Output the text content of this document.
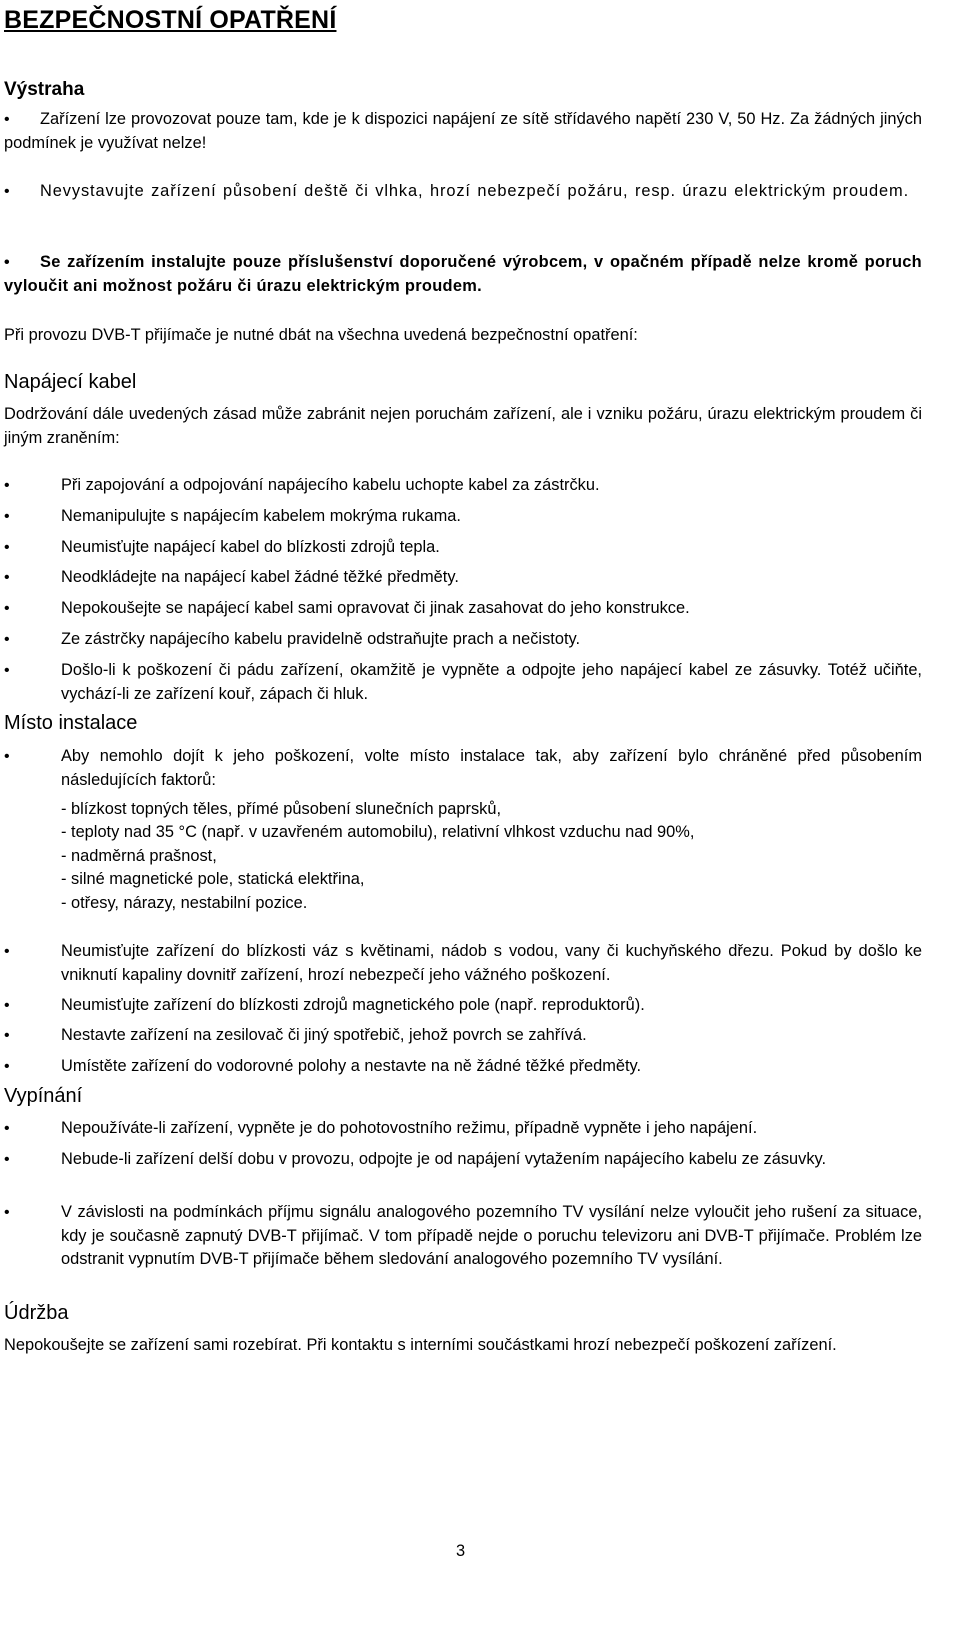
BEZPEČNOSTNÍ OPATŘENÍ
Výstraha
• Zařízení lze provozovat pouze tam, kde je k dispozici napájení ze sítě střídavého napětí 230 V, 50 Hz. Za žádných jiných podmínek je využívat nelze!
• Nevystavujte zařízení působení deště či vlhka, hrozí nebezpečí požáru, resp. úrazu elektrickým proudem.
• Se zařízením instalujte pouze příslušenství doporučené výrobcem, v opačném případě nelze kromě poruch vyloučit ani možnost požáru či úrazu elektrickým proudem.
Při provozu DVB-T přijímače je nutné dbát na všechna uvedená bezpečnostní opatření:
Napájecí kabel
Dodržování dále uvedených zásad může zabránit nejen poruchám zařízení, ale i vzniku požáru, úrazu elektrickým proudem či jiným zraněním:
•	Při zapojování a odpojování napájecího kabelu uchopte kabel za zástrčku.
•	Nemanipulujte s napájecím kabelem mokrýma rukama.
•	Neumisťujte napájecí kabel do blízkosti zdrojů tepla.
•	Neodkládejte na napájecí kabel žádné těžké předměty.
•	Nepokoušejte se napájecí kabel sami opravovat či jinak zasahovat do jeho konstrukce.
•	Ze zástrčky napájecího kabelu pravidelně odstraňujte prach a nečistoty.
•	Došlo-li k poškození či pádu zařízení, okamžitě je vypněte a odpojte jeho napájecí kabel ze zásuvky. Totéž učiňte, vychází-li ze zařízení kouř, zápach či hluk.
Místo instalace
•	Aby nemohlo dojít k jeho poškození, volte místo instalace tak, aby zařízení bylo chráněné před působením následujících faktorů:
- blízkost topných těles, přímé působení slunečních paprsků,
- teploty nad 35 °C (např. v uzavřeném automobilu), relativní vlhkost vzduchu nad 90%,
- nadměrná prašnost,
- silné magnetické pole, statická elektřina,
- otřesy, nárazy, nestabilní pozice.
•	Neumisťujte zařízení do blízkosti váz s květinami, nádob s vodou, vany či kuchyňského dřezu. Pokud by došlo ke vniknutí kapaliny dovnitř zařízení, hrozí nebezpečí jeho vážného poškození.
•	Neumisťujte zařízení do blízkosti zdrojů magnetického pole (např. reproduktorů).
•	Nestavte zařízení na zesilovač či jiný spotřebič, jehož povrch se zahřívá.
•	Umístěte zařízení do vodorovné polohy a nestavte na ně žádné těžké předměty.
Vypínání
•	Nepoužíváte-li zařízení, vypněte je do pohotovostního režimu, případně vypněte i jeho napájení.
•	Nebude-li zařízení delší dobu v provozu, odpojte je od napájení vytažením napájecího kabelu ze zásuvky.
•	V závislosti na podmínkách příjmu signálu analogového pozemního TV vysílání nelze vyloučit jeho rušení za situace, kdy je současně zapnutý DVB-T přijímač. V tom případě nejde o poruchu televizoru ani DVB-T přijímače. Problém lze odstranit vypnutím DVB-T přijímače během sledování analogového pozemního TV vysílání.
Údržba
Nepokoušejte se zařízení sami rozebírat. Při kontaktu s interními součástkami hrozí nebezpečí poškození zařízení.
3
